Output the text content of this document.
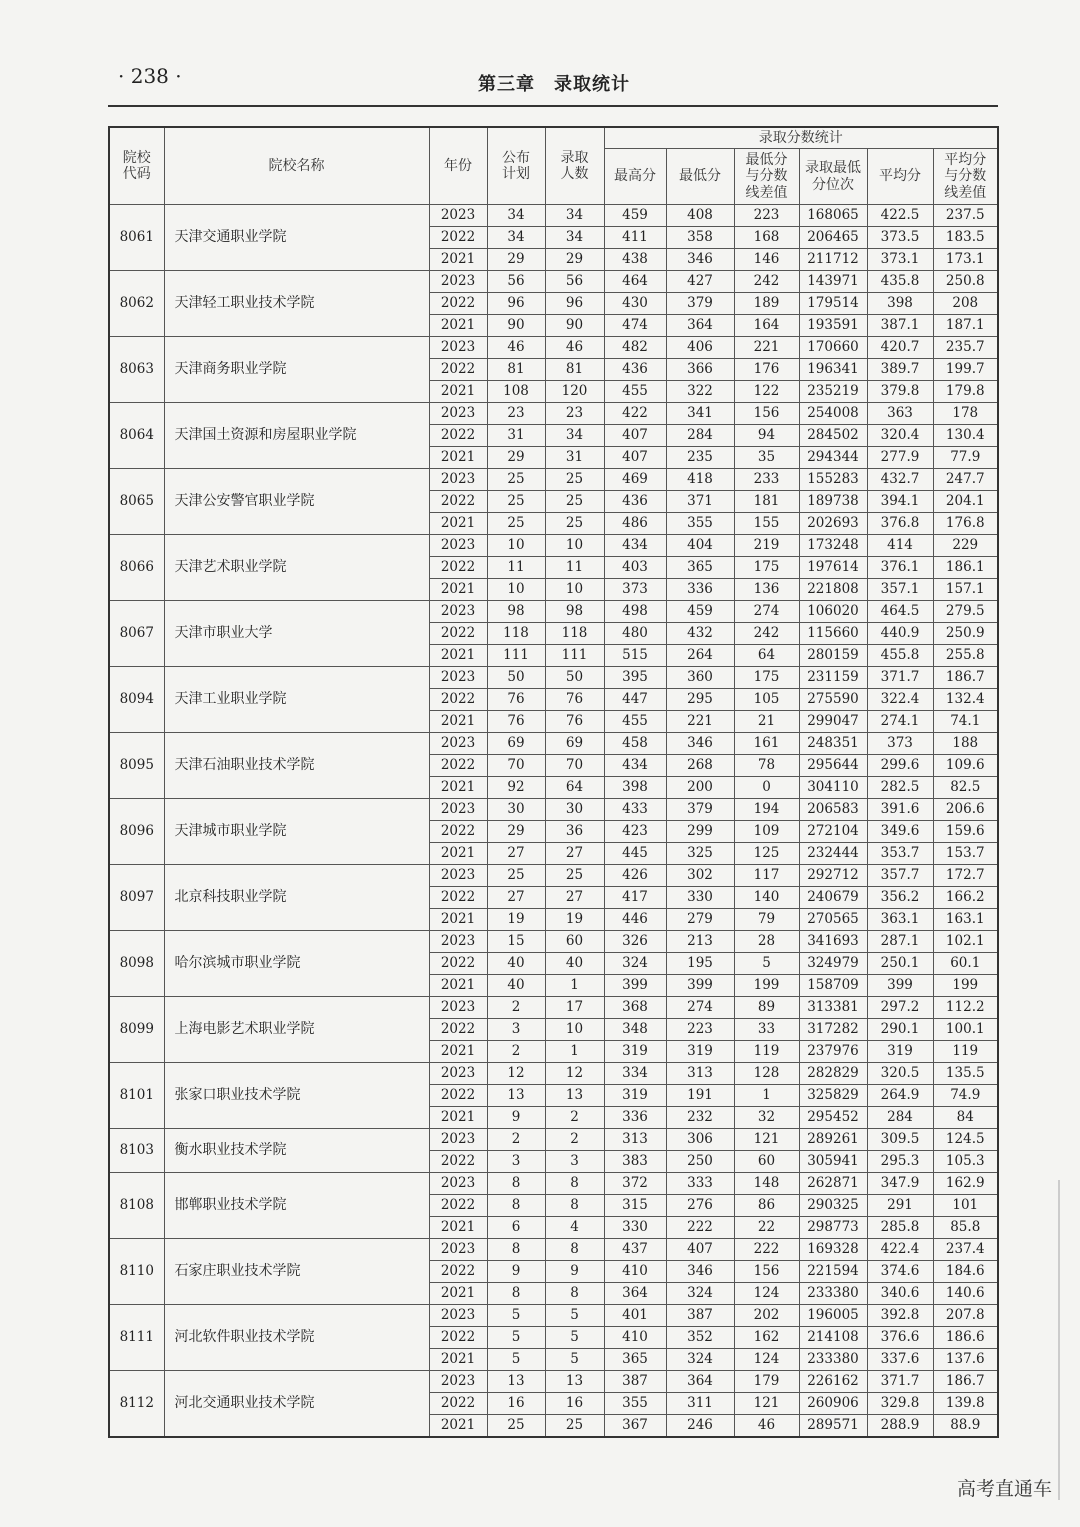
· 238 ·	第三章　录取统计
院校代码	院校名称	年份	公布计划	录取人数	录取分数统计					
					最高分	最低分	最低分与分数线差值	录取最低分位次	平均分	平均分与分数线差值
8061	天津交通职业学院	2023	34	34	459	408	223	168065	422.5	237.5
		2022	34	34	411	358	168	206465	373.5	183.5
		2021	29	29	438	346	146	211712	373.1	173.1
8062	天津轻工职业技术学院	2023	56	56	464	427	242	143971	435.8	250.8
		2022	96	96	430	379	189	179514	398	208
		2021	90	90	474	364	164	193591	387.1	187.1
8063	天津商务职业学院	2023	46	46	482	406	221	170660	420.7	235.7
		2022	81	81	436	366	176	196341	389.7	199.7
		2021	108	120	455	322	122	235219	379.8	179.8
8064	天津国土资源和房屋职业学院	2023	23	23	422	341	156	254008	363	178
		2022	31	34	407	284	94	284502	320.4	130.4
		2021	29	31	407	235	35	294344	277.9	77.9
8065	天津公安警官职业学院	2023	25	25	469	418	233	155283	432.7	247.7
		2022	25	25	436	371	181	189738	394.1	204.1
		2021	25	25	486	355	155	202693	376.8	176.8
8066	天津艺术职业学院	2023	10	10	434	404	219	173248	414	229
		2022	11	11	403	365	175	197614	376.1	186.1
		2021	10	10	373	336	136	221808	357.1	157.1
8067	天津市职业大学	2023	98	98	498	459	274	106020	464.5	279.5
		2022	118	118	480	432	242	115660	440.9	250.9
		2021	111	111	515	264	64	280159	455.8	255.8
8094	天津工业职业学院	2023	50	50	395	360	175	231159	371.7	186.7
		2022	76	76	447	295	105	275590	322.4	132.4
		2021	76	76	455	221	21	299047	274.1	74.1
8095	天津石油职业技术学院	2023	69	69	458	346	161	248351	373	188
		2022	70	70	434	268	78	295644	299.6	109.6
		2021	92	64	398	200	0	304110	282.5	82.5
8096	天津城市职业学院	2023	30	30	433	379	194	206583	391.6	206.6
		2022	29	36	423	299	109	272104	349.6	159.6
		2021	27	27	445	325	125	232444	353.7	153.7
8097	北京科技职业学院	2023	25	25	426	302	117	292712	357.7	172.7
		2022	27	27	417	330	140	240679	356.2	166.2
		2021	19	19	446	279	79	270565	363.1	163.1
8098	哈尔滨城市职业学院	2023	15	60	326	213	28	341693	287.1	102.1
		2022	40	40	324	195	5	324979	250.1	60.1
		2021	40	1	399	399	199	158709	399	199
8099	上海电影艺术职业学院	2023	2	17	368	274	89	313381	297.2	112.2
		2022	3	10	348	223	33	317282	290.1	100.1
		2021	2	1	319	319	119	237976	319	119
8101	张家口职业技术学院	2023	12	12	334	313	128	282829	320.5	135.5
		2022	13	13	319	191	1	325829	264.9	74.9
		2021	9	2	336	232	32	295452	284	84
8103	衡水职业技术学院	2023	2	2	313	306	121	289261	309.5	124.5
		2022	3	3	383	250	60	305941	295.3	105.3
8108	邯郸职业技术学院	2023	8	8	372	333	148	262871	347.9	162.9
		2022	8	8	315	276	86	290325	291	101
		2021	6	4	330	222	22	298773	285.8	85.8
8110	石家庄职业技术学院	2023	8	8	437	407	222	169328	422.4	237.4
		2022	9	9	410	346	156	221594	374.6	184.6
		2021	8	8	364	324	124	233380	340.6	140.6
8111	河北软件职业技术学院	2023	5	5	401	387	202	196005	392.8	207.8
		2022	5	5	410	352	162	214108	376.6	186.6
		2021	5	5	365	324	124	233380	337.6	137.6
8112	河北交通职业技术学院	2023	13	13	387	364	179	226162	371.7	186.7
		2022	16	16	355	311	121	260906	329.8	139.8
		2021	25	25	367	246	46	289571	288.9	88.9
高考直通车
